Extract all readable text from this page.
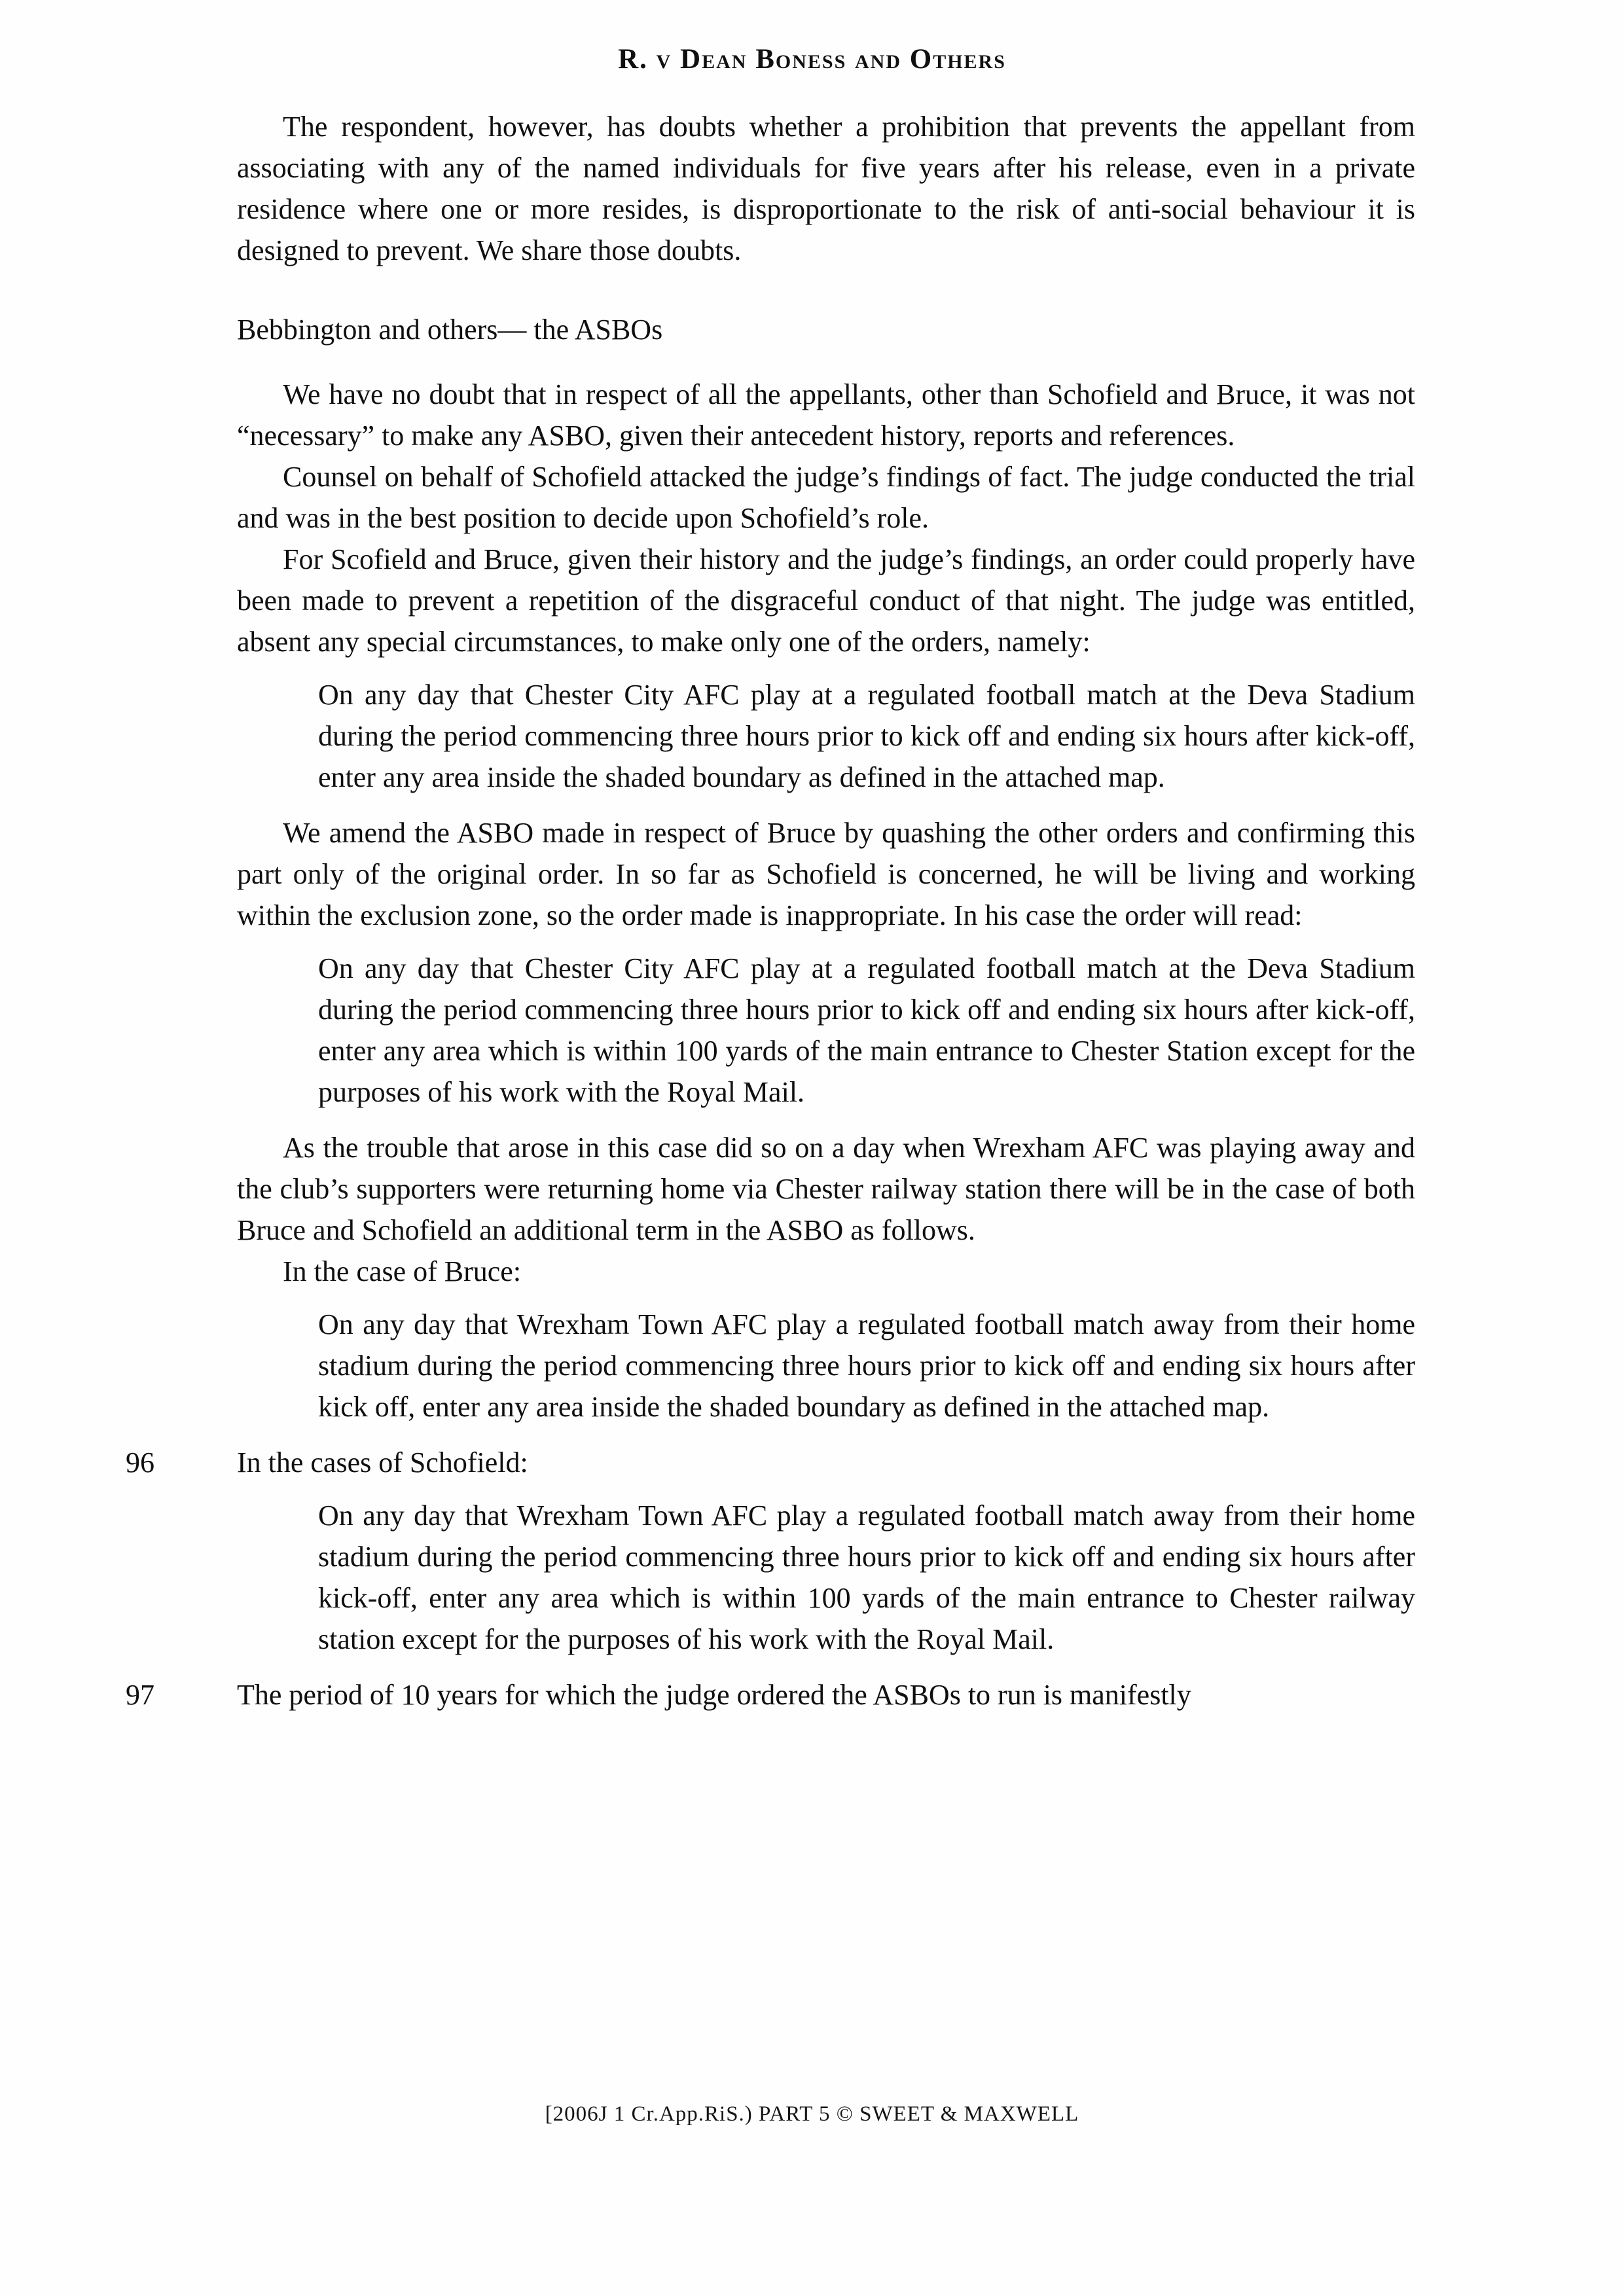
R. v Dean Boness and Others

The respondent, however, has doubts whether a prohibition that prevents the appellant from associating with any of the named individuals for five years after his release, even in a private residence where one or more resides, is disproportionate to the risk of anti-social behaviour it is designed to prevent. We share those doubts.

Bebbington and others— the ASBOs

We have no doubt that in respect of all the appellants, other than Schofield and Bruce, it was not “necessary” to make any ASBO, given their antecedent history, reports and references.

Counsel on behalf of Schofield attacked the judge’s findings of fact. The judge conducted the trial and was in the best position to decide upon Schofield’s role.

For Scofield and Bruce, given their history and the judge’s findings, an order could properly have been made to prevent a repetition of the disgraceful conduct of that night. The judge was entitled, absent any special circumstances, to make only one of the orders, namely:

On any day that Chester City AFC play at a regulated football match at the Deva Stadium during the period commencing three hours prior to kick off and ending six hours after kick-off, enter any area inside the shaded boundary as defined in the attached map.

We amend the ASBO made in respect of Bruce by quashing the other orders and confirming this part only of the original order. In so far as Schofield is concerned, he will be living and working within the exclusion zone, so the order made is inappropriate. In his case the order will read:

On any day that Chester City AFC play at a regulated football match at the Deva Stadium during the period commencing three hours prior to kick off and ending six hours after kick-off, enter any area which is within 100 yards of the main entrance to Chester Station except for the purposes of his work with the Royal Mail.

As the trouble that arose in this case did so on a day when Wrexham AFC was playing away and the club’s supporters were returning home via Chester railway station there will be in the case of both Bruce and Schofield an additional term in the ASBO as follows.

In the case of Bruce:

On any day that Wrexham Town AFC play a regulated football match away from their home stadium during the period commencing three hours prior to kick off and ending six hours after kick off, enter any area inside the shaded boundary as defined in the attached map.

96	In the cases of Schofield:

On any day that Wrexham Town AFC play a regulated football match away from their home stadium during the period commencing three hours prior to kick off and ending six hours after kick-off, enter any area which is within 100 yards of the main entrance to Chester railway station except for the purposes of his work with the Royal Mail.

97	The period of 10 years for which the judge ordered the ASBOs to run is manifestly

[2006J 1 Cr.App.RiS.) PART 5 © SWEET & MAXWELL
